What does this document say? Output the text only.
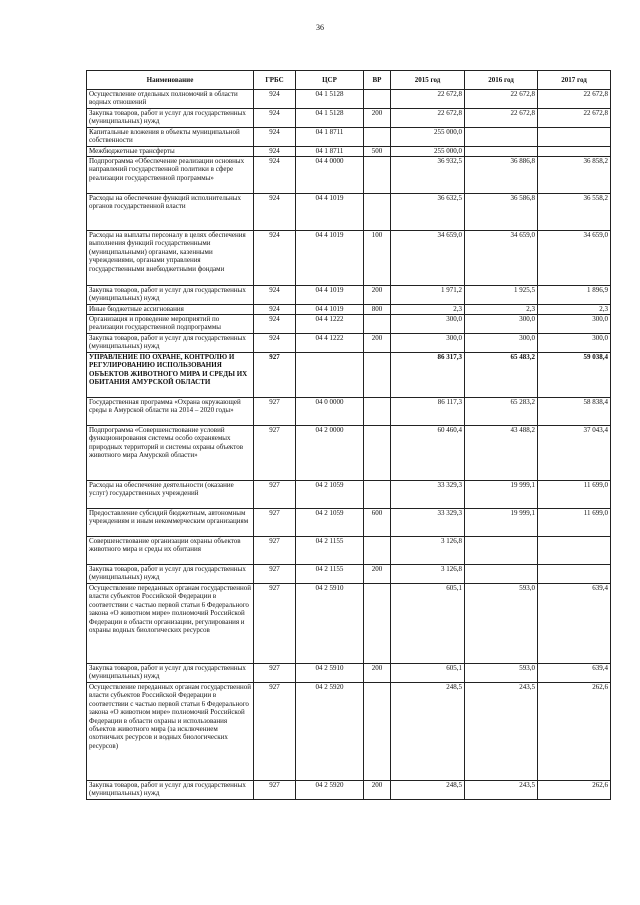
36
Наименование	ГРБС	ЦСР	ВР	2015 год	2016 год	2017 год
Осуществление отдельных полномочий в области водных отношений	924	04 1 5128		22 672,8	22 672,8	22 672,8
Закупка товаров, работ и услуг для государственных (муниципальных) нужд	924	04 1 5128	200	22 672,8	22 672,8	22 672,8
Капитальные вложения в объекты муниципальной собственности	924	04 1 8711		255 000,0		
Межбюджетные трансферты	924	04 1 8711	500	255 000,0		
Подпрограмма «Обеспечение реализации основных направлений государственной политики в сфере реализации государственной программы»	924	04 4 0000		36 932,5	36 886,8	36 858,2
Расходы на обеспечение функций исполнительных органов государственной власти	924	04 4 1019		36 632,5	36 586,8	36 558,2
Расходы на выплаты персоналу в целях обеспечения выполнения функций государственными (муниципальными) органами, казенными учреждениями, органами управления государственными внебюджетными фондами	924	04 4 1019	100	34 659,0	34 659,0	34 659,0
Закупка товаров, работ и услуг для государственных (муниципальных) нужд	924	04 4 1019	200	1 971,2	1 925,5	1 896,9
Иные бюджетные ассигнования	924	04 4 1019	800	2,3	2,3	2,3
Организация и проведение мероприятий по реализации государственной подпрограммы	924	04 4 1222		300,0	300,0	300,0
Закупка товаров, работ и услуг для государственных (муниципальных) нужд	924	04 4 1222	200	300,0	300,0	300,0
УПРАВЛЕНИЕ ПО ОХРАНЕ, КОНТРОЛЮ И РЕГУЛИРОВАНИЮ ИСПОЛЬЗОВАНИЯ ОБЪЕКТОВ ЖИВОТНОГО МИРА И СРЕДЫ ИХ ОБИТАНИЯ АМУРСКОЙ ОБЛАСТИ	927			86 317,3	65 483,2	59 038,4
Государственная программа «Охрана окружающей среды в Амурской области на 2014 – 2020 годы»	927	04 0 0000		86 117,3	65 283,2	58 838,4
Подпрограмма «Совершенствование условий функционирования системы особо охраняемых природных территорий и системы охраны объектов животного мира Амурской области»	927	04 2 0000		60 460,4	43 488,2	37 043,4
Расходы на обеспечение деятельности (оказание услуг) государственных учреждений	927	04 2 1059		33 329,3	19 999,1	11 699,0
Предоставление субсидий бюджетным, автономным учреждениям и иным некоммерческим организациям	927	04 2 1059	600	33 329,3	19 999,1	11 699,0
Совершенствование организации охраны объектов животного мира и среды их обитания	927	04 2 1155		3 126,8		
Закупка товаров, работ и услуг для государственных (муниципальных) нужд	927	04 2 1155	200	3 126,8		
Осуществление переданных органам государственной власти субъектов Российской Федерации в соответствии с частью первой статьи 6 Федерального закона «О животном мире» полномочий Российской Федерации в области организации, регулирования и охраны водных биологических ресурсов	927	04 2 5910		605,1	593,0	639,4
Закупка товаров, работ и услуг для государственных (муниципальных) нужд	927	04 2 5910	200	605,1	593,0	639,4
Осуществление переданных органам государственной власти субъектов Российской Федерации в соответствии с частью первой статьи 6 Федерального закона «О животном мире» полномочий Российской Федерации в области охраны и использования объектов животного мира (за исключением охотничьих ресурсов и водных биологических ресурсов)	927	04 2 5920		248,5	243,5	262,6
Закупка товаров, работ и услуг для государственных (муниципальных) нужд	927	04 2 5920	200	248,5	243,5	262,6
